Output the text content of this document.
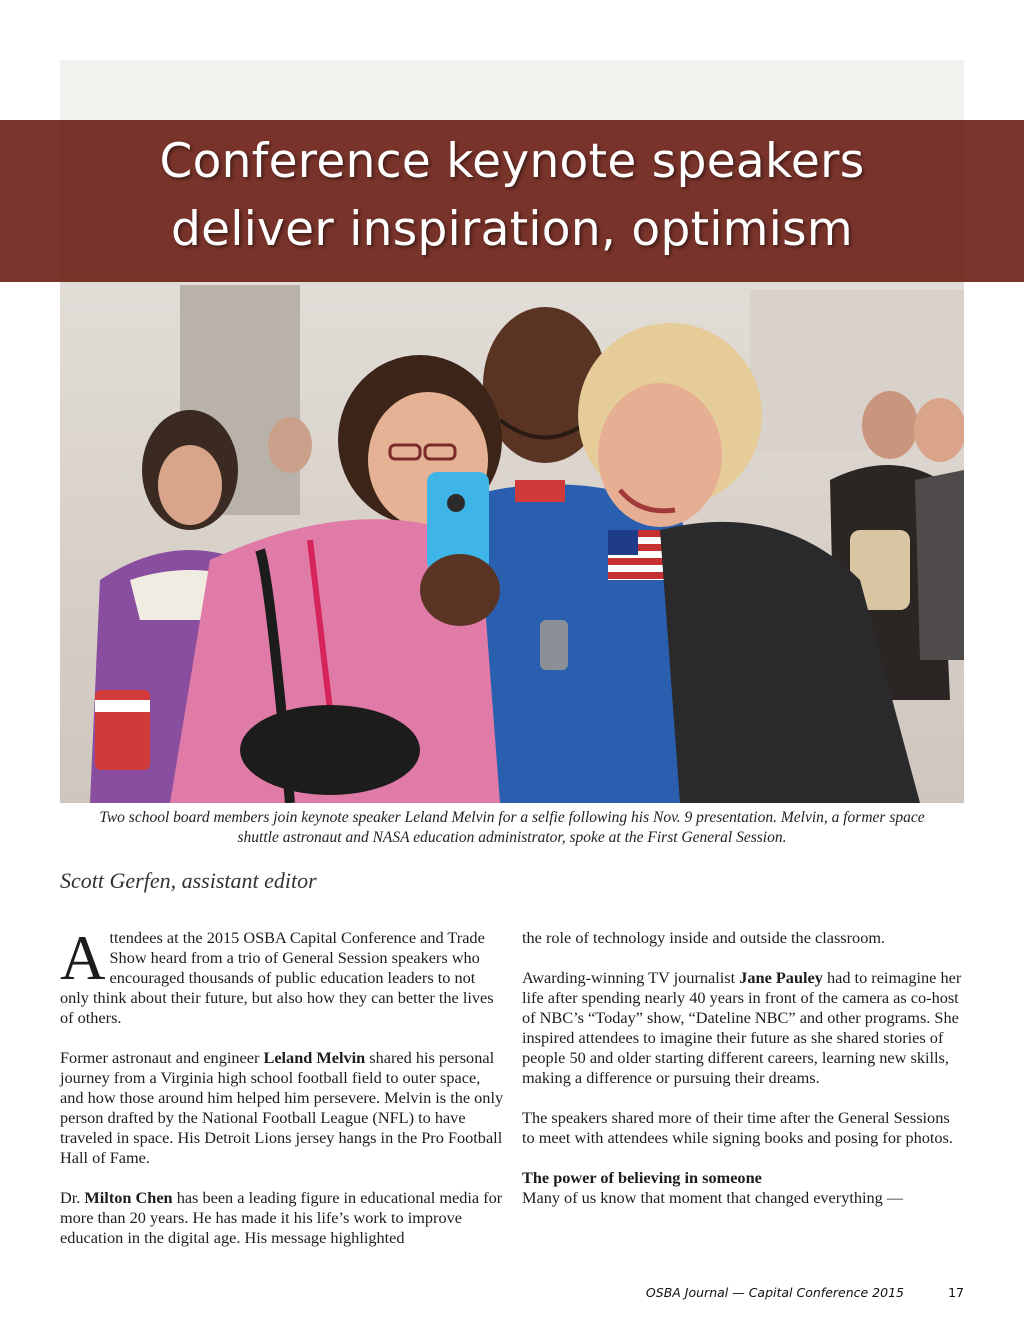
Conference keynote speakers
deliver inspiration, optimism

Two school board members join keynote speaker Leland Melvin for a selfie following his Nov. 9 presentation. Melvin, a former space
shuttle astronaut and NASA education administrator, spoke at the First General Session.

Scott Gerfen, assistant editor

Attendees at the 2015 OSBA Capital Conference and Trade Show heard from a trio of General Session speakers who encouraged thousands of public education leaders to not only think about their future, but also how they can better the lives of others.

Former astronaut and engineer Leland Melvin shared his personal journey from a Virginia high school football field to outer space, and how those around him helped him persevere. Melvin is the only person drafted by the National Football League (NFL) to have traveled in space. His Detroit Lions jersey hangs in the Pro Football Hall of Fame.

Dr. Milton Chen has been a leading figure in educational media for more than 20 years. He has made it his life’s work to improve education in the digital age. His message highlighted

the role of technology inside and outside the classroom.

Awarding-winning TV journalist Jane Pauley had to reimagine her life after spending nearly 40 years in front of the camera as co-host of NBC’s “Today” show, “Dateline NBC” and other programs. She inspired attendees to imagine their future as she shared stories of people 50 and older starting different careers, learning new skills, making a difference or pursuing their dreams.

The speakers shared more of their time after the General Sessions to meet with attendees while signing books and posing for photos.

The power of believing in someone
Many of us know that moment that changed everything —

OSBA Journal — Capital Conference 2015	17
